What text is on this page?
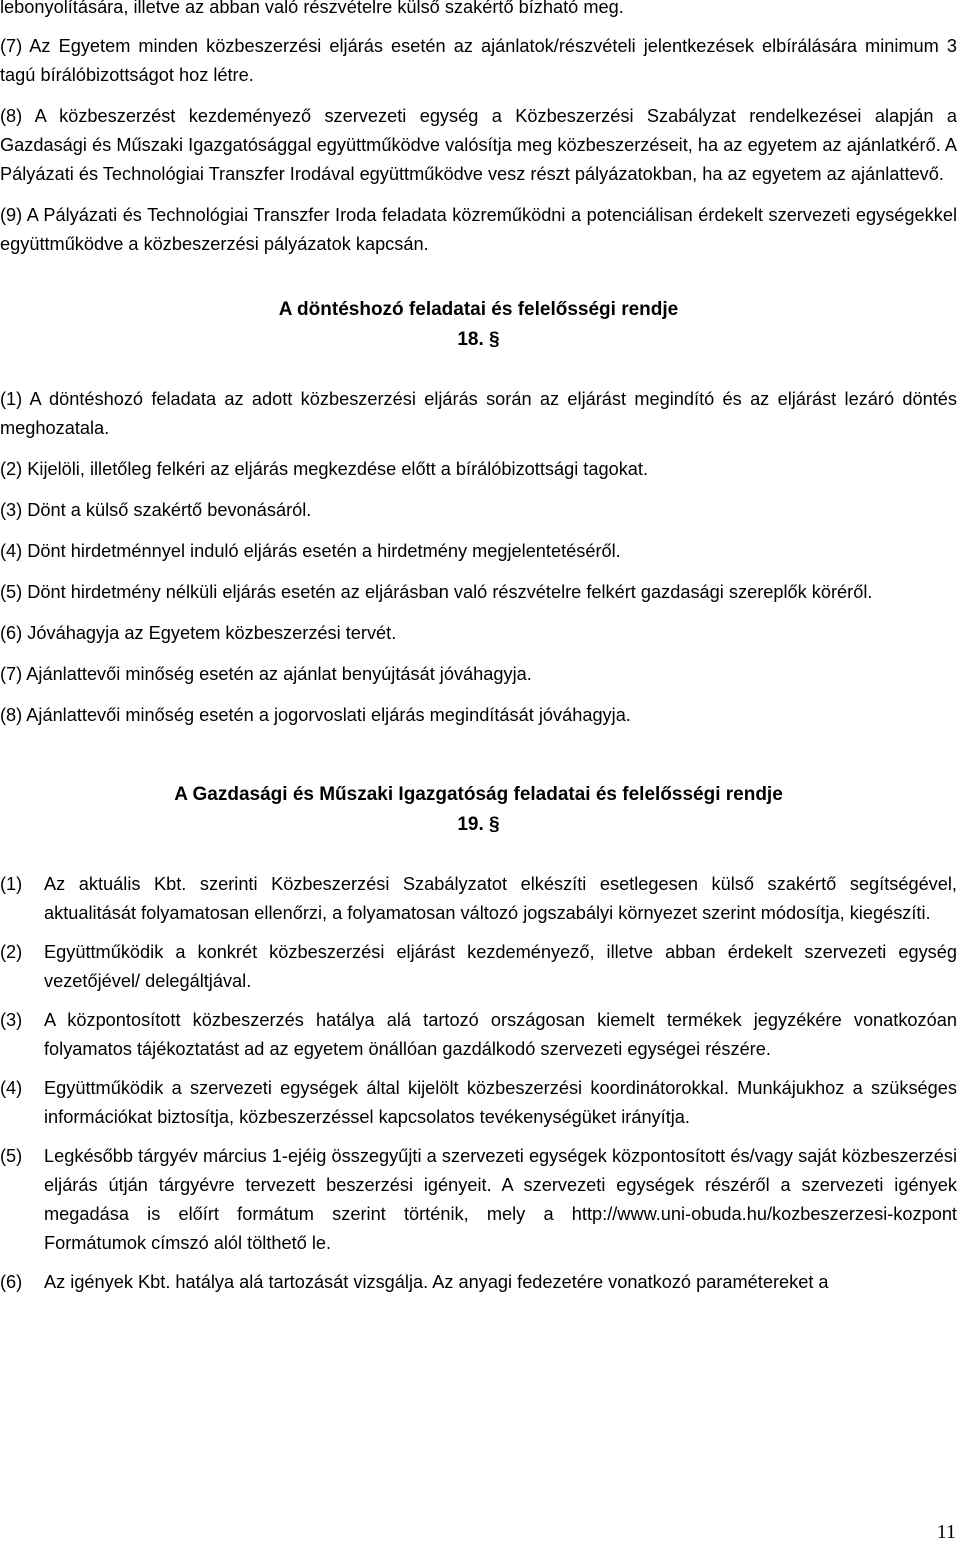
lebonyolítására, illetve az abban való részvételre külső szakértő bízható meg.

(7) Az Egyetem minden közbeszerzési eljárás esetén az ajánlatok/részvételi jelentkezések elbírálására minimum 3 tagú bírálóbizottságot hoz létre.

(8) A közbeszerzést kezdeményező szervezeti egység a Közbeszerzési Szabályzat rendelkezései alapján a Gazdasági és Műszaki Igazgatósággal együttműködve valósítja meg közbeszerzéseit, ha az egyetem az ajánlatkérő. A Pályázati és Technológiai Transzfer Irodával együttműködve vesz részt pályázatokban, ha az egyetem az ajánlattevő.

(9) A Pályázati és Technológiai Transzfer Iroda feladata közreműködni a potenciálisan érdekelt szervezeti egységekkel együttműködve a közbeszerzési pályázatok kapcsán.

A döntéshozó feladatai és felelősségi rendje
18. §

(1) A döntéshozó feladata az adott közbeszerzési eljárás során az eljárást megindító és az eljárást lezáró döntés meghozatala.

(2) Kijelöli, illetőleg felkéri az eljárás megkezdése előtt a bírálóbizottsági tagokat.

(3) Dönt a külső szakértő bevonásáról.

(4) Dönt hirdetménnyel induló eljárás esetén a hirdetmény megjelentetéséről.

(5) Dönt hirdetmény nélküli eljárás esetén az eljárásban való részvételre felkért gazdasági szereplők köréről.

(6) Jóváhagyja az Egyetem közbeszerzési tervét.

(7) Ajánlattevői minőség esetén az ajánlat benyújtását jóváhagyja.

(8) Ajánlattevői minőség esetén a jogorvoslati eljárás megindítását jóváhagyja.

A Gazdasági és Műszaki Igazgatóság feladatai és felelősségi rendje
19. §
(1)	Az aktuális Kbt. szerinti Közbeszerzési Szabályzatot elkészíti esetlegesen külső szakértő segítségével, aktualitását folyamatosan ellenőrzi, a folyamatosan változó jogszabályi környezet szerint módosítja, kiegészíti.
(2)	Együttműködik a konkrét közbeszerzési eljárást kezdeményező, illetve abban érdekelt szervezeti egység vezetőjével/ delegáltjával.
(3)	A központosított közbeszerzés hatálya alá tartozó országosan kiemelt termékek jegyzékére vonatkozóan folyamatos tájékoztatást ad az egyetem önállóan gazdálkodó szervezeti egységei részére.
(4)	Együttműködik a szervezeti egységek által kijelölt közbeszerzési koordinátorokkal. Munkájukhoz a szükséges információkat biztosítja, közbeszerzéssel kapcsolatos tevékenységüket irányítja.
(5)	Legkésőbb tárgyév március 1-ejéig összegyűjti a szervezeti egységek központosított és/vagy saját közbeszerzési eljárás útján tárgyévre tervezett beszerzési igényeit. A szervezeti egységek részéről a szervezeti igények megadása is előírt formátum szerint történik, mely a http://www.uni-obuda.hu/kozbeszerzesi-kozpont Formátumok címszó alól tölthető le.
(6)	Az igények Kbt. hatálya alá tartozását vizsgálja. Az anyagi fedezetére vonatkozó paramétereket a
11
